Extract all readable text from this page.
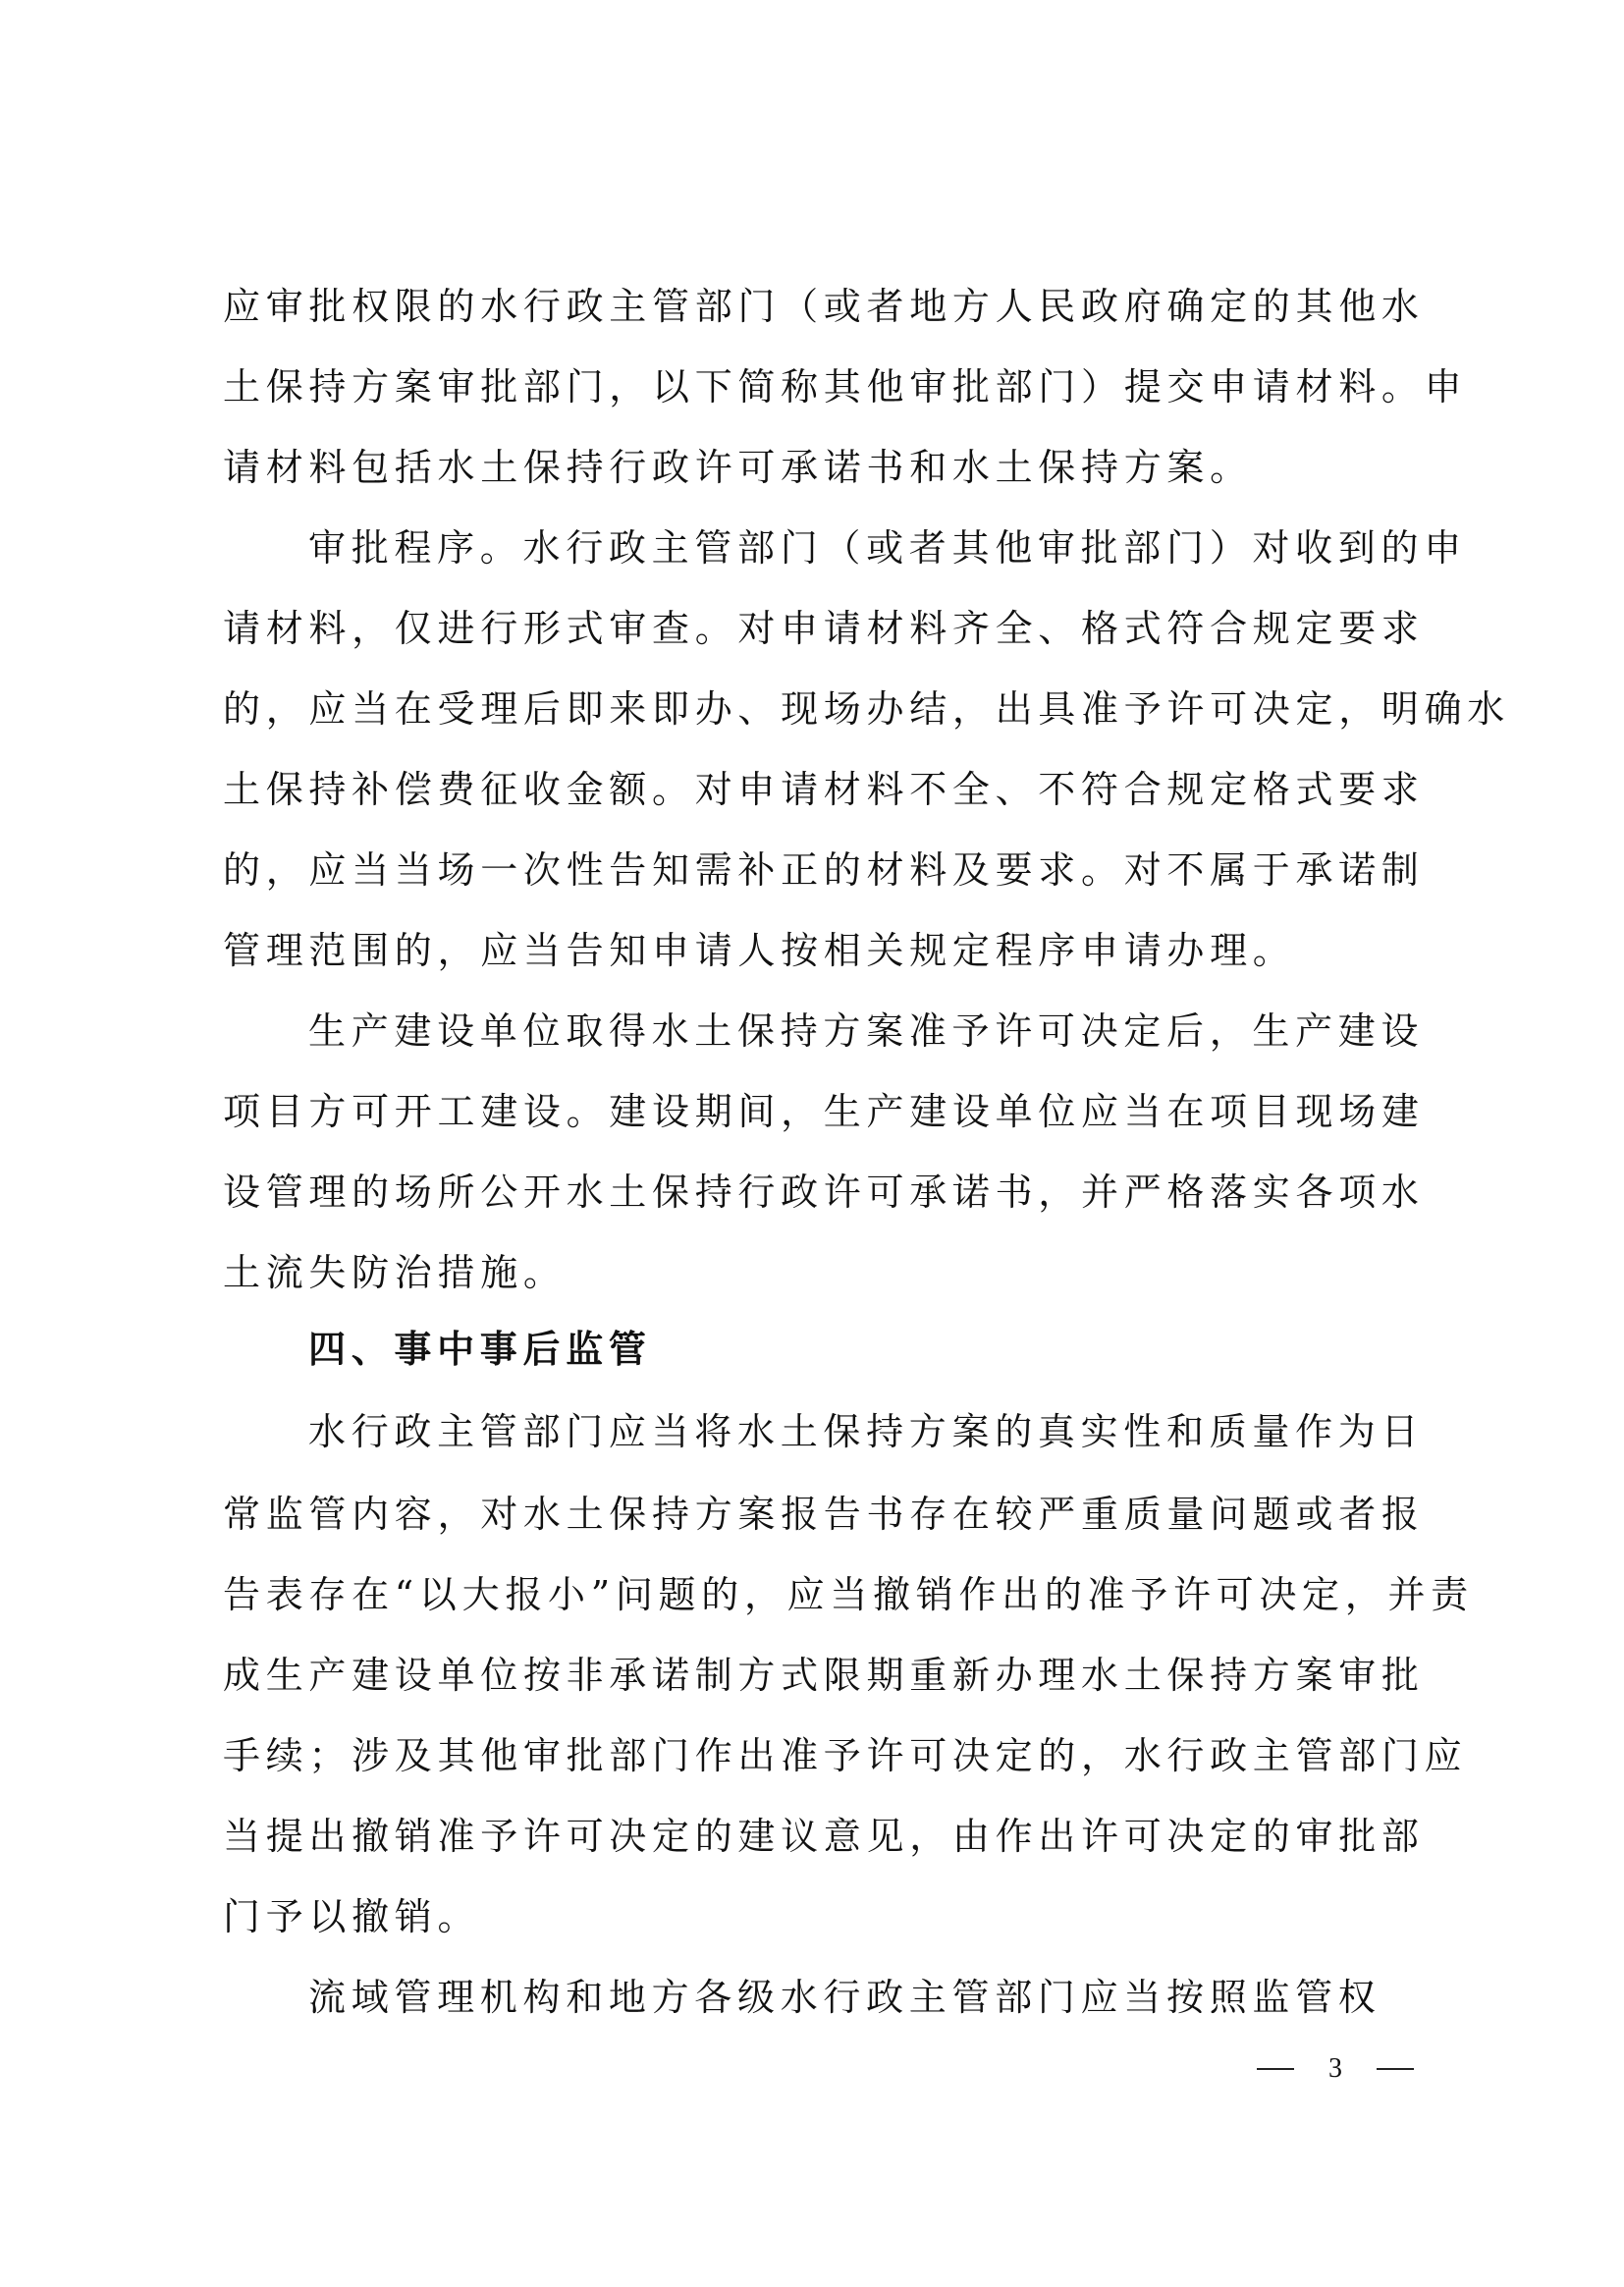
应审批权限的水行政主管部门（或者地方人民政府确定的其他水
土保持方案审批部门，以下简称其他审批部门）提交申请材料。申
请材料包括水土保持行政许可承诺书和水土保持方案。
审批程序。水行政主管部门（或者其他审批部门）对收到的申
请材料，仅进行形式审查。对申请材料齐全、格式符合规定要求
的，应当在受理后即来即办、现场办结，出具准予许可决定，明确水
土保持补偿费征收金额。对申请材料不全、不符合规定格式要求
的，应当当场一次性告知需补正的材料及要求。对不属于承诺制
管理范围的，应当告知申请人按相关规定程序申请办理。
生产建设单位取得水土保持方案准予许可决定后，生产建设
项目方可开工建设。建设期间，生产建设单位应当在项目现场建
设管理的场所公开水土保持行政许可承诺书，并严格落实各项水
土流失防治措施。
四、事中事后监管
水行政主管部门应当将水土保持方案的真实性和质量作为日
常监管内容，对水土保持方案报告书存在较严重质量问题或者报
告表存在“以大报小”问题的，应当撤销作出的准予许可决定，并责
成生产建设单位按非承诺制方式限期重新办理水土保持方案审批
手续；涉及其他审批部门作出准予许可决定的，水行政主管部门应
当提出撤销准予许可决定的建议意见，由作出许可决定的审批部
门予以撤销。
流域管理机构和地方各级水行政主管部门应当按照监管权
3
